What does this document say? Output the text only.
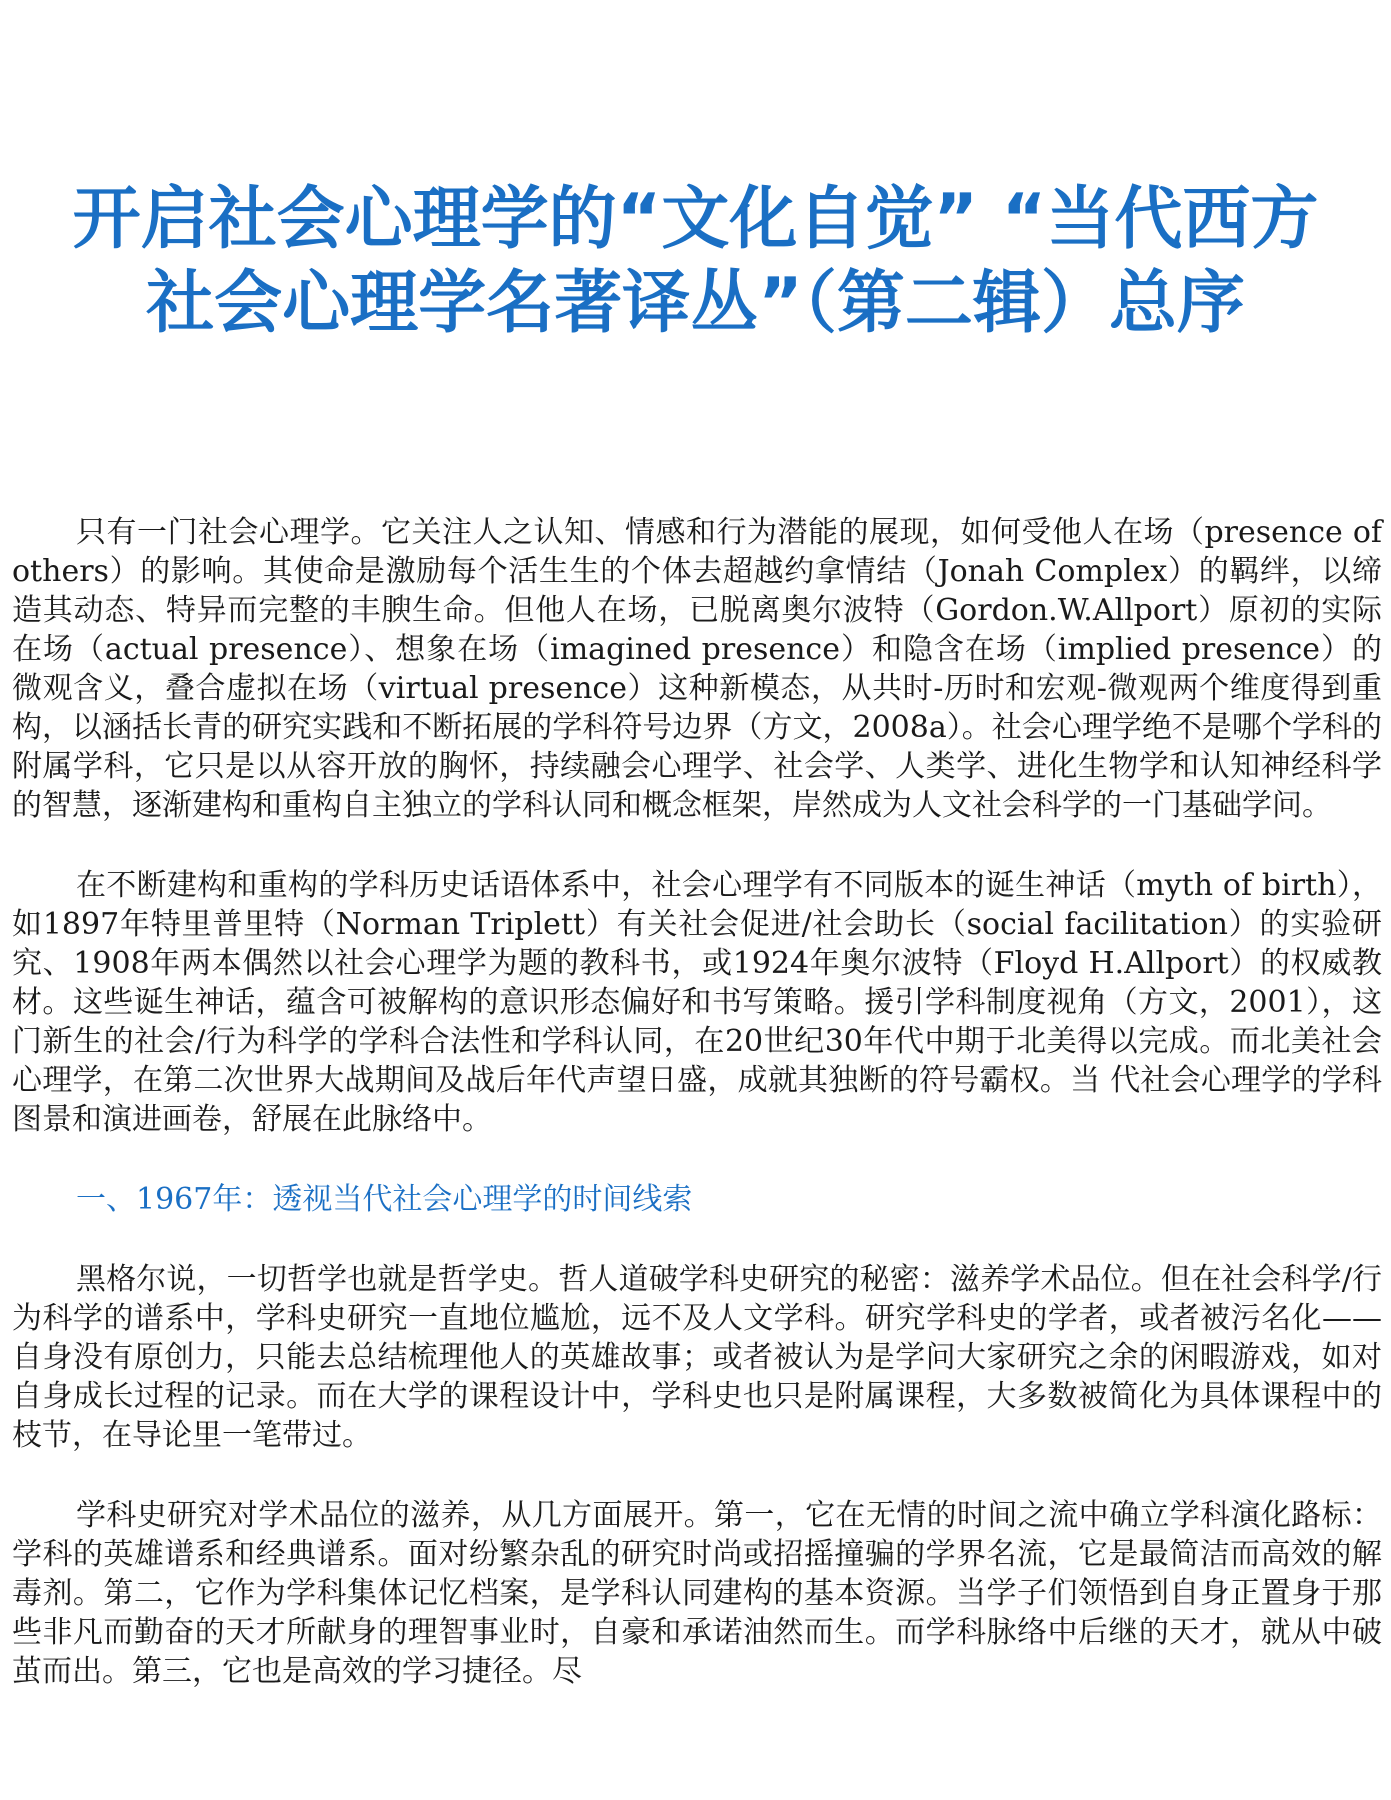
开启社会心理学的“文化自觉” “当代西方
社会心理学名著译丛”（第二辑）总序

只有一门社会心理学。它关注人之认知、情感和行为潜能的展现，如何受他人在场（presence of others）的影响。其使命是激励每个活生生的个体去超越约拿情结（Jonah Complex）的羁绊，以缔造其动态、特异而完整的丰腴生命。但他人在场，已脱离奥尔波特（Gordon.W.Allport）原初的实际在场（actual presence）、想象在场（imagined presence）和隐含在场（implied presence）的微观含义，叠合虚拟在场（virtual presence）这种新模态，从共时-历时和宏观-微观两个维度得到重构，以涵括长青的研究实践和不断拓展的学科符号边界（方文，2008a）。社会心理学绝不是哪个学科的附属学科，它只是以从容开放的胸怀，持续融会心理学、社会学、人类学、进化生物学和认知神经科学的智慧，逐渐建构和重构自主独立的学科认同和概念框架，岸然成为人文社会科学的一门基础学问。

在不断建构和重构的学科历史话语体系中，社会心理学有不同版本的诞生神话（myth of birth），如1897年特里普里特（Norman Triplett）有关社会促进/社会助长（social facilitation）的实验研究、1908年两本偶然以社会心理学为题的教科书，或1924年奥尔波特（Floyd H.Allport）的权威教材。这些诞生神话，蕴含可被解构的意识形态偏好和书写策略。援引学科制度视角（方文，2001），这门新生的社会/行为科学的学科合法性和学科认同，在20世纪30年代中期于北美得以完成。而北美社会心理学，在第二次世界大战期间及战后年代声望日盛，成就其独断的符号霸权。当 代社会心理学的学科图景和演进画卷，舒展在此脉络中。

一、1967年：透视当代社会心理学的时间线索

黑格尔说，一切哲学也就是哲学史。哲人道破学科史研究的秘密：滋养学术品位。但在社会科学/行为科学的谱系中，学科史研究一直地位尴尬，远不及人文学科。研究学科史的学者，或者被污名化——自身没有原创力，只能去总结梳理他人的英雄故事；或者被认为是学问大家研究之余的闲暇游戏，如对自身成长过程的记录。而在大学的课程设计中，学科史也只是附属课程，大多数被简化为具体课程中的枝节，在导论里一笔带过。

学科史研究对学术品位的滋养，从几方面展开。第一，它在无情的时间之流中确立学科演化路标：学科的英雄谱系和经典谱系。面对纷繁杂乱的研究时尚或招摇撞骗的学界名流，它是最简洁而高效的解毒剂。第二，它作为学科集体记忆档案，是学科认同建构的基本资源。当学子们领悟到自身正置身于那些非凡而勤奋的天才所献身的理智事业时，自豪和承诺油然而生。而学科脉络中后继的天才，就从中破茧而出。第三，它也是高效的学习捷径。尽
